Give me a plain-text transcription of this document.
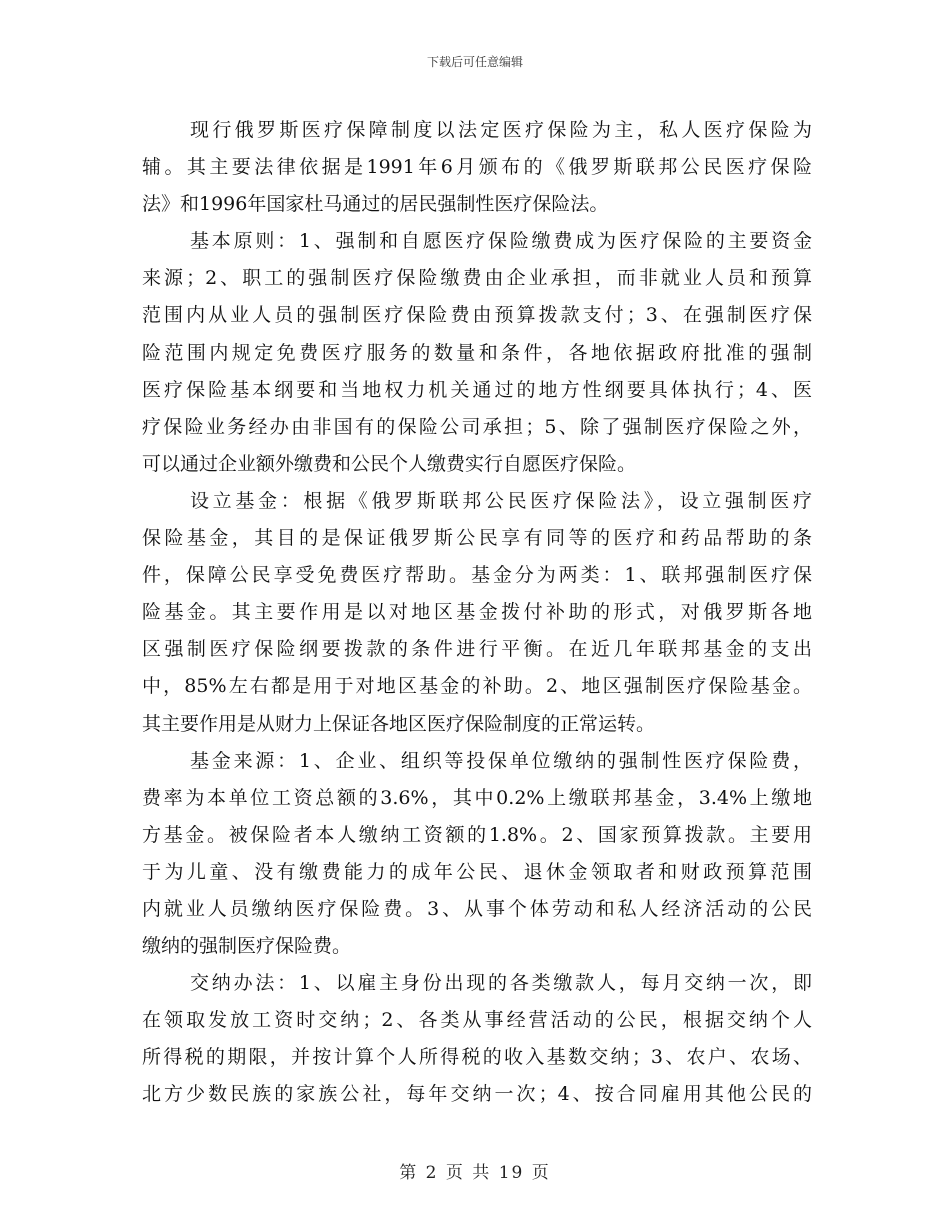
下载后可任意编辑
现行俄罗斯医疗保障制度以法定医疗保险为主，私人医疗保险为
辅。其主要法律依据是1991年6月颁布的《俄罗斯联邦公民医疗保险
法》和1996年国家杜马通过的居民强制性医疗保险法。
基本原则：1、强制和自愿医疗保险缴费成为医疗保险的主要资金
来源；2、职工的强制医疗保险缴费由企业承担，而非就业人员和预算
范围内从业人员的强制医疗保险费由预算拨款支付；3、在强制医疗保
险范围内规定免费医疗服务的数量和条件，各地依据政府批准的强制
医疗保险基本纲要和当地权力机关通过的地方性纲要具体执行；4、医
疗保险业务经办由非国有的保险公司承担；5、除了强制医疗保险之外，
可以通过企业额外缴费和公民个人缴费实行自愿医疗保险。
设立基金：根据《俄罗斯联邦公民医疗保险法》，设立强制医疗
保险基金，其目的是保证俄罗斯公民享有同等的医疗和药品帮助的条
件，保障公民享受免费医疗帮助。基金分为两类：1、联邦强制医疗保
险基金。其主要作用是以对地区基金拨付补助的形式，对俄罗斯各地
区强制医疗保险纲要拨款的条件进行平衡。在近几年联邦基金的支出
中，85%左右都是用于对地区基金的补助。2、地区强制医疗保险基金。
其主要作用是从财力上保证各地区医疗保险制度的正常运转。
基金来源：1、企业、组织等投保单位缴纳的强制性医疗保险费，
费率为本单位工资总额的3.6%，其中0.2%上缴联邦基金，3.4%上缴地
方基金。被保险者本人缴纳工资额的1.8%。2、国家预算拨款。主要用
于为儿童、没有缴费能力的成年公民、退休金领取者和财政预算范围
内就业人员缴纳医疗保险费。3、从事个体劳动和私人经济活动的公民
缴纳的强制医疗保险费。
交纳办法：1、以雇主身份出现的各类缴款人，每月交纳一次，即
在领取发放工资时交纳；2、各类从事经营活动的公民，根据交纳个人
所得税的期限，并按计算个人所得税的收入基数交纳；3、农户、农场、
北方少数民族的家族公社，每年交纳一次；4、按合同雇用其他公民的
第 2 页 共 19 页
